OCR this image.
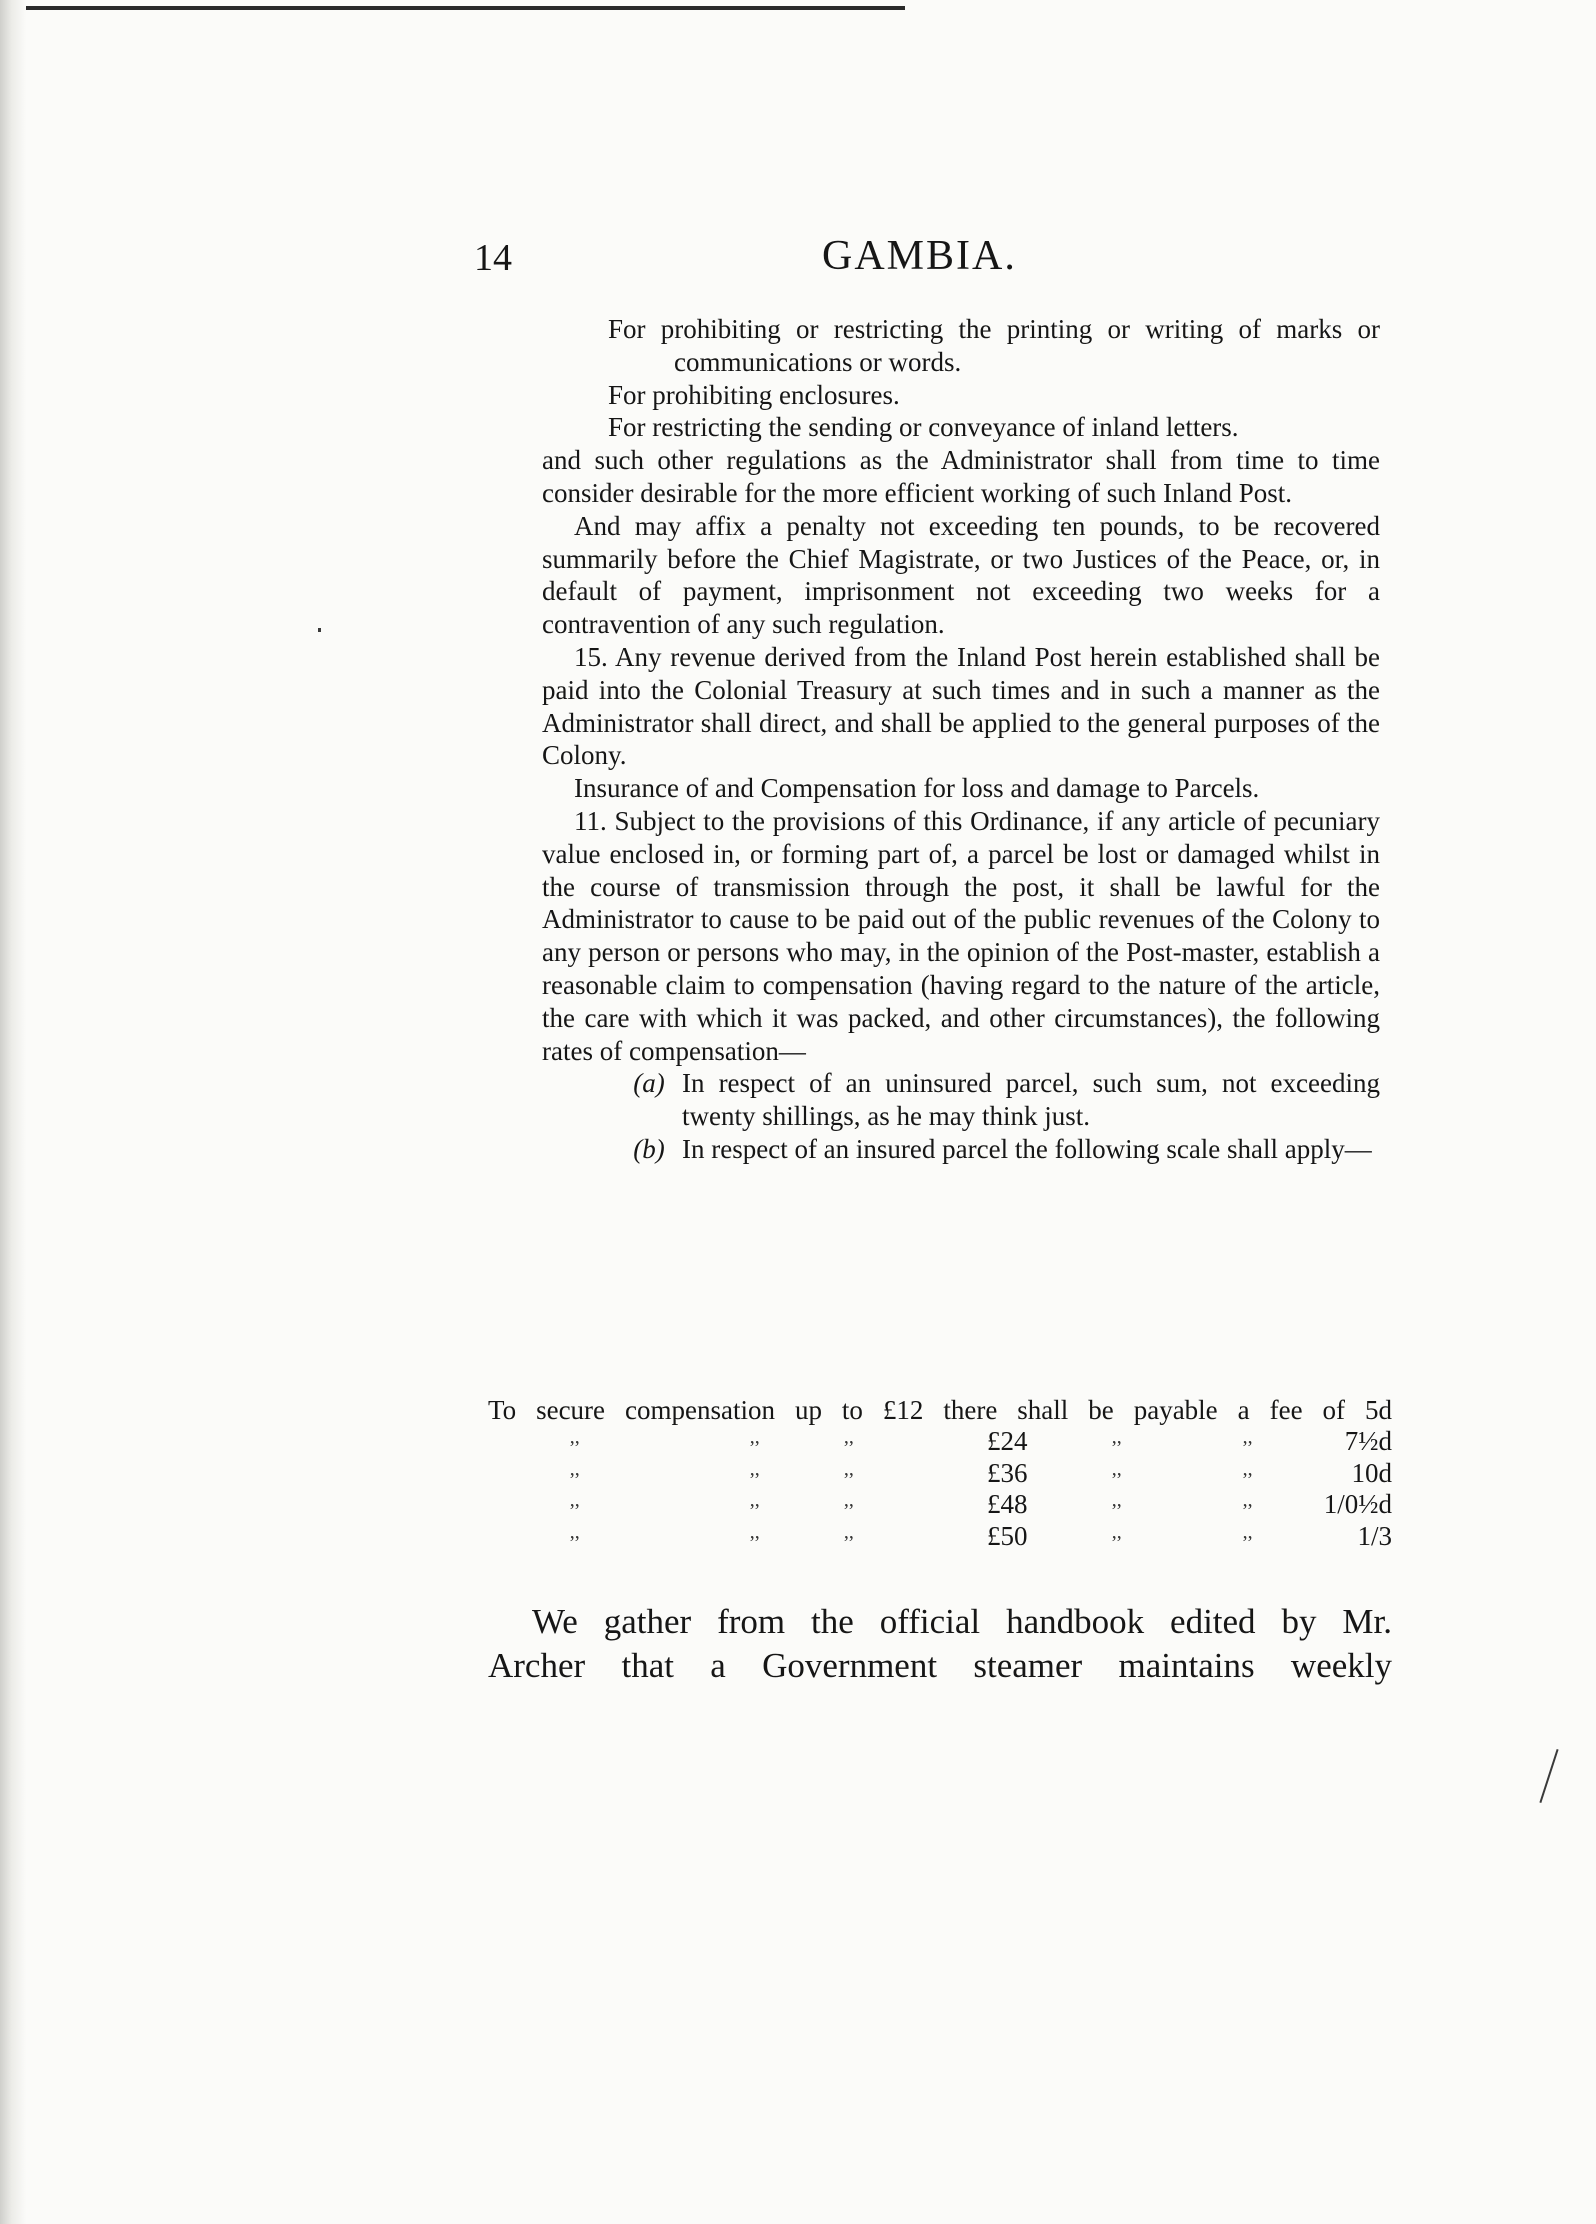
14	GAMBIA.

For prohibiting or restricting the printing or writing of marks or communications or words.

For prohibiting enclosures.

For restricting the sending or conveyance of inland letters.

and such other regulations as the Administrator shall from time to time consider desirable for the more efficient working of such Inland Post.

And may affix a penalty not exceeding ten pounds, to be recovered summarily before the Chief Magistrate, or two Justices of the Peace, or, in default of payment, imprisonment not exceeding two weeks for a contravention of any such regulation.

15. Any revenue derived from the Inland Post herein established shall be paid into the Colonial Treasury at such times and in such a manner as the Administrator shall direct, and shall be applied to the general purposes of the Colony.

Insurance of and Compensation for loss and damage to Parcels.

11. Subject to the provisions of this Ordinance, if any article of pecuniary value enclosed in, or forming part of, a parcel be lost or damaged whilst in the course of transmission through the post, it shall be lawful for the Administrator to cause to be paid out of the public revenues of the Colony to any person or persons who may, in the opinion of the Post-master, establish a reasonable claim to compensation (having regard to the nature of the article, the care with which it was packed, and other circumstances), the following rates of compensation—

(a) In respect of an uninsured parcel, such sum, not exceeding twenty shillings, as he may think just.
(b) In respect of an insured parcel the following scale shall apply—
To secure compensation up to £12 there shall be payable a fee of 5d
	,,	,,	,,	£24	,,	,,	7½d
	,,	,,	,,	£36	,,	,,	10d
	,,	,,	,,	£48	,,	,,	1/0½d
	,,	,,	,,	£50	,,	,,	1/3

We gather from the official handbook edited by Mr.

Archer that a Government steamer maintains weekly
